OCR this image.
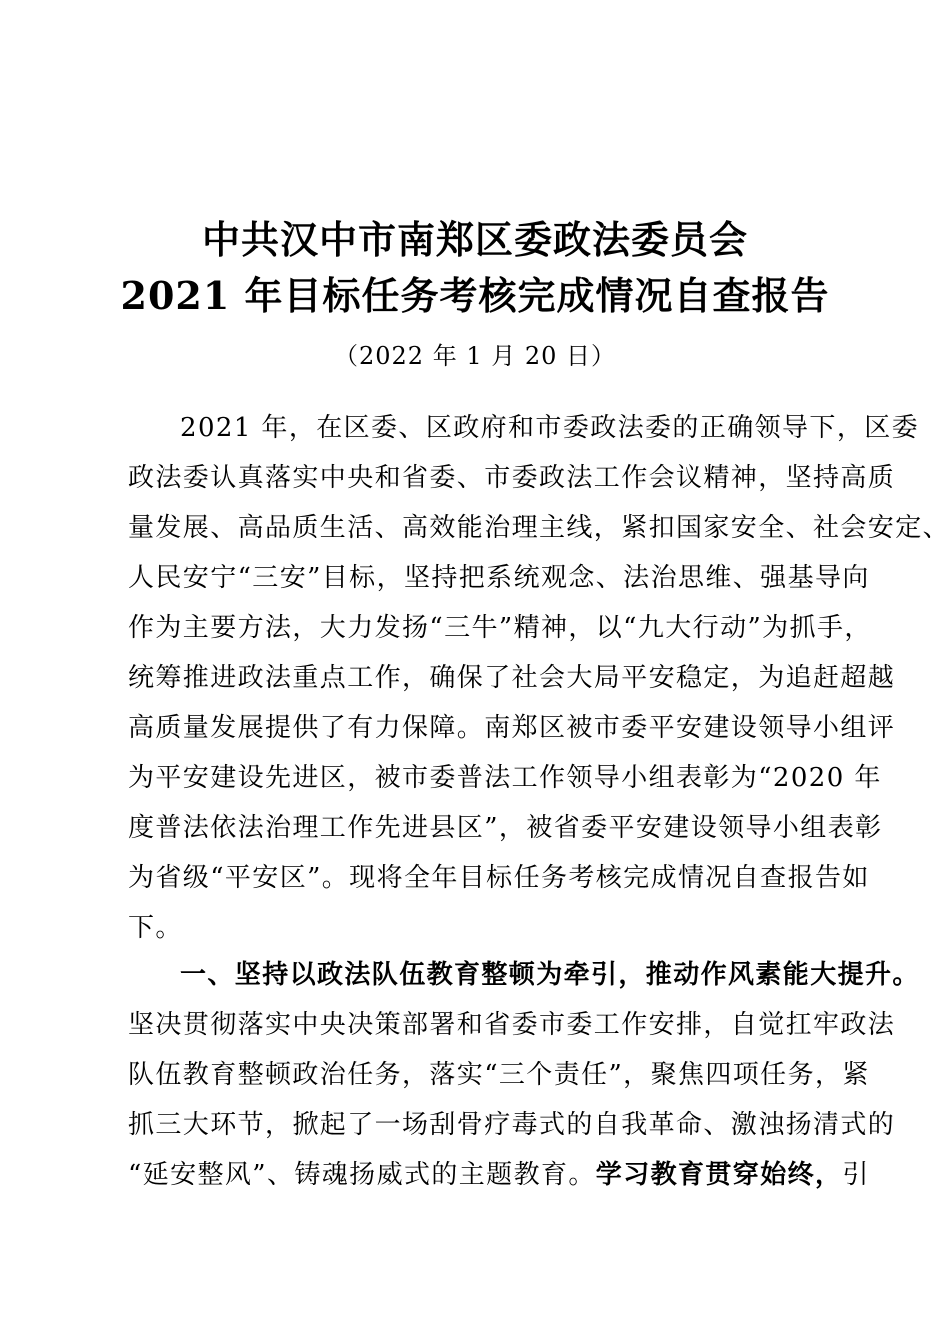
中共汉中市南郑区委政法委员会
2021 年目标任务考核完成情况自查报告
（2022 年 1 月 20 日）
2021 年，在区委、区政府和市委政法委的正确领导下，区委
政法委认真落实中央和省委、市委政法工作会议精神，坚持高质
量发展、高品质生活、高效能治理主线，紧扣国家安全、社会安定、
人民安宁“三安”目标，坚持把系统观念、法治思维、强基导向
作为主要方法，大力发扬“三牛”精神，以“九大行动”为抓手，
统筹推进政法重点工作，确保了社会大局平安稳定，为追赶超越
高质量发展提供了有力保障。南郑区被市委平安建设领导小组评
为平安建设先进区，被市委普法工作领导小组表彰为“2020 年
度普法依法治理工作先进县区”，被省委平安建设领导小组表彰
为省级“平安区”。现将全年目标任务考核完成情况自查报告如
下。
一、坚持以政法队伍教育整顿为牵引，推动作风素能大提升。
坚决贯彻落实中央决策部署和省委市委工作安排，自觉扛牢政法
队伍教育整顿政治任务，落实“三个责任”，聚焦四项任务，紧
抓三大环节，掀起了一场刮骨疗毒式的自我革命、激浊扬清式的
“延安整风”、铸魂扬威式的主题教育。学习教育贯穿始终，引
